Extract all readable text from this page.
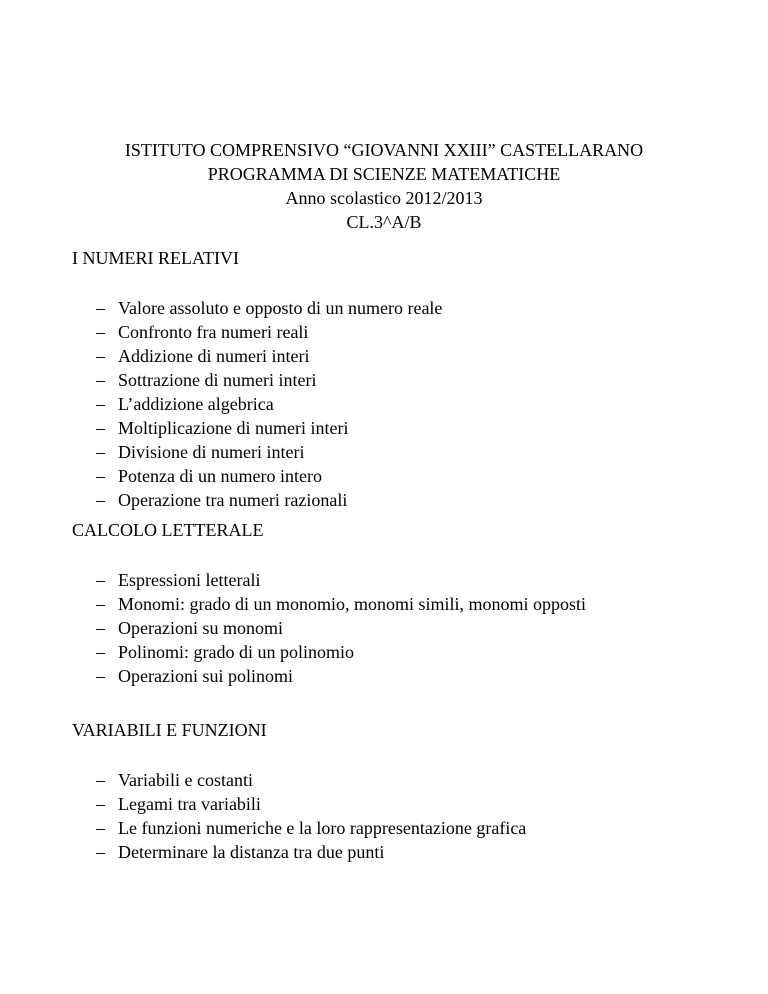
ISTITUTO COMPRENSIVO “GIOVANNI XXIII” CASTELLARANO
PROGRAMMA DI SCIENZE MATEMATICHE
Anno scolastico 2012/2013
CL.3^A/B
I NUMERI RELATIVI
– Valore assoluto e opposto di un numero reale
– Confronto fra numeri reali
– Addizione di numeri interi
– Sottrazione di numeri interi
– L’addizione algebrica
– Moltiplicazione di numeri interi
– Divisione di numeri interi
– Potenza di un numero intero
– Operazione tra numeri razionali
CALCOLO LETTERALE
– Espressioni letterali
– Monomi: grado di un monomio, monomi simili, monomi opposti
– Operazioni su monomi
– Polinomi: grado di un polinomio
– Operazioni sui polinomi
VARIABILI E FUNZIONI
– Variabili e costanti
– Legami tra variabili
– Le funzioni numeriche e la loro rappresentazione grafica
– Determinare la distanza tra due punti
